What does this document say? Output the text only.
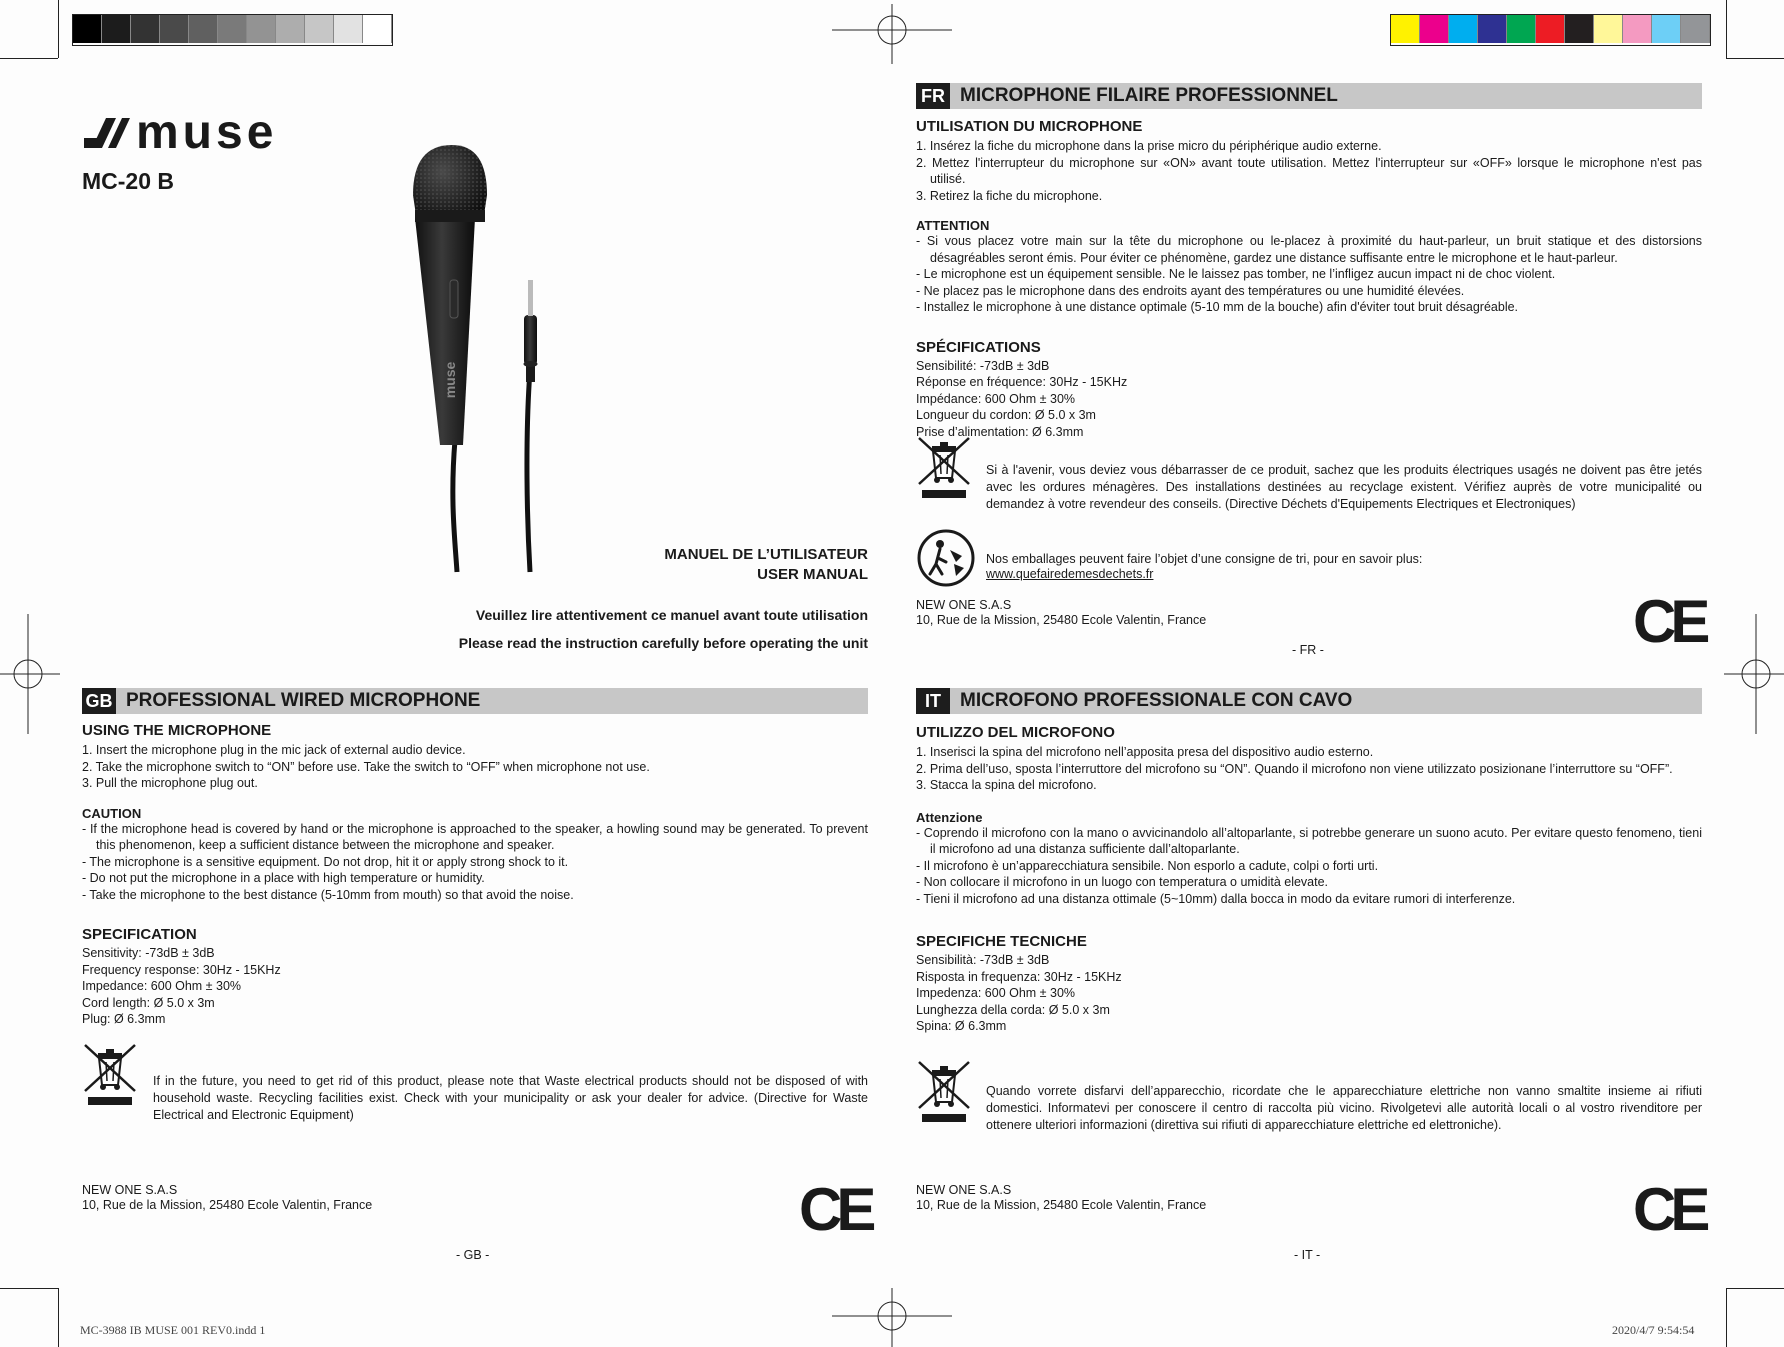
muse
MC-20 B
muse
MANUEL DE L’UTILISATEUR
USER MANUAL
Veuillez lire attentivement ce manuel avant toute utilisation
Please read the instruction carefully before operating the unit
FR MICROPHONE FILAIRE PROFESSIONNEL
UTILISATION DU MICROPHONE
1. Insérez la fiche du microphone dans la prise micro du périphérique audio externe.
2. Mettez l'interrupteur du microphone sur «ON» avant toute utilisation. Mettez l'interrupteur sur «OFF» lorsque le microphone n'est pas utilisé.
3. Retirez la fiche du microphone.
ATTENTION
- Si vous placez votre main sur la tête du microphone ou le-placez à proximité du haut-parleur, un bruit statique et des distorsions désagréables seront émis. Pour éviter ce phénomène, gardez une distance suffisante entre le microphone et le haut-parleur.
- Le microphone est un équipement sensible. Ne le laissez pas tomber, ne l’infligez aucun impact ni de choc violent.
- Ne placez pas le microphone dans des endroits ayant des températures ou une humidité élevées.
- Installez le microphone à une distance optimale (5-10 mm de la bouche) afin d'éviter tout bruit désagréable.
SPÉCIFICATIONS
Sensibilité: -73dB ± 3dB
Réponse en fréquence: 30Hz - 15KHz
Impédance: 600 Ohm ± 30%
Longueur du cordon: Ø 5.0 x 3m
Prise d’alimentation: Ø 6.3mm
Si à l'avenir, vous deviez vous débarrasser de ce produit, sachez que les produits électriques usagés ne doivent pas être jetés avec les ordures ménagères. Des installations destinées au recyclage existent. Vérifiez auprès de votre municipalité ou demandez à votre revendeur des conseils. (Directive Déchets d'Equipements Electriques et Electroniques)
Nos emballages peuvent faire l’objet d’une consigne de tri, pour en savoir plus:
www.quefairedemesdechets.fr
NEW ONE S.A.S
10, Rue de la Mission, 25480 Ecole Valentin, France	CE
- FR -
GB PROFESSIONAL WIRED MICROPHONE
USING THE MICROPHONE
1. Insert the microphone plug in the mic jack of external audio device.
2. Take the microphone switch to “ON” before use. Take the switch to “OFF” when microphone not use.
3. Pull the microphone plug out.
CAUTION
- If the microphone head is covered by hand or the microphone is approached to the speaker, a howling sound may be generated. To prevent this phenomenon, keep a sufficient distance between the microphone and speaker.
- The microphone is a sensitive equipment. Do not drop, hit it or apply strong shock to it.
- Do not put the microphone in a place with high temperature or humidity.
- Take the microphone to the best distance (5-10mm from mouth) so that avoid the noise.
SPECIFICATION
Sensitivity: -73dB ± 3dB
Frequency response: 30Hz - 15KHz
Impedance: 600 Ohm ± 30%
Cord length: Ø 5.0 x 3m
Plug: Ø 6.3mm
If in the future, you need to get rid of this product, please note that Waste electrical products should not be disposed of with household waste. Recycling facilities exist. Check with your municipality or ask your dealer for advice. (Directive for Waste Electrical and Electronic Equipment)
NEW ONE S.A.S
10, Rue de la Mission, 25480 Ecole Valentin, France	CE
- GB -
IT	MICROFONO PROFESSIONALE CON CAVO
UTILIZZO DEL MICROFONO
1. Inserisci la spina del microfono nell’apposita presa del dispositivo audio esterno.
2. Prima dell’uso, sposta l’interruttore del microfono su “ON”. Quando il microfono non viene utilizzato posizionane l’interruttore su “OFF”.
3. Stacca la spina del microfono.
Attenzione
- Coprendo il microfono con la mano o avvicinandolo all’altoparlante, si potrebbe generare un suono acuto. Per evitare questo fenomeno, tieni il microfono ad una distanza sufficiente dall’altoparlante.
- Il microfono è un’apparecchiatura sensibile. Non esporlo a cadute, colpi o forti urti.
- Non collocare il microfono in un luogo con temperatura o umidità elevate.
- Tieni il microfono ad una distanza ottimale (5~10mm) dalla bocca in modo da evitare rumori di interferenze.
SPECIFICHE TECNICHE
Sensibilità: -73dB ± 3dB
Risposta in frequenza: 30Hz - 15KHz
Impedenza: 600 Ohm ± 30%
Lunghezza della corda: Ø 5.0 x 3m
Spina: Ø 6.3mm
Quando vorrete disfarvi dell’apparecchio, ricordate che le apparecchiature elettriche non vanno smaltite insieme ai rifiuti domestici. Informatevi per conoscere il centro di raccolta più vicino. Rivolgetevi alle autorità locali o al vostro rivenditore per ottenere ulteriori informazioni (direttiva sui rifiuti di apparecchiature elettriche ed elettroniche).
NEW ONE S.A.S
10, Rue de la Mission, 25480 Ecole Valentin, France	CE
- IT -
MC-3988 IB MUSE 001 REV0.indd 1	2020/4/7 9:54:54
